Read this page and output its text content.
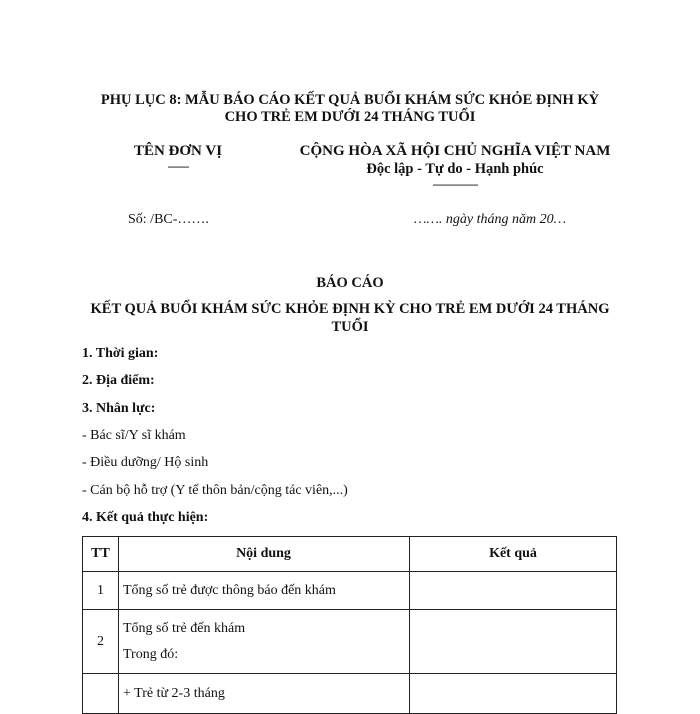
PHỤ LỤC 8: MẪU BÁO CÁO KẾT QUẢ BUỔI KHÁM SỨC KHỎE ĐỊNH KỲ
CHO TRẺ EM DƯỚI 24 THÁNG TUỔI
TÊN ĐƠN VỊ
-------
CỘNG HÒA XÃ HỘI CHỦ NGHĨA VIỆT NAM
Độc lập - Tự do - Hạnh phúc
---------------
Số: /BC-…….	……. ngày tháng năm 20…
BÁO CÁO
KẾT QUẢ BUỔI KHÁM SỨC KHỎE ĐỊNH KỲ CHO TRẺ EM DƯỚI 24 THÁNG
TUỔI
1. Thời gian:
2. Địa điểm:
3. Nhân lực:
- Bác sĩ/Y sĩ khám
- Điều dưỡng/ Hộ sinh
- Cán bộ hỗ trợ (Y tế thôn bản/cộng tác viên,...)
4. Kết quả thực hiện:
TT	Nội dung	Kết quả
1	Tổng số trẻ được thông báo đến khám	
2	Tổng số trẻ đến khám
Trong đó:	

	+ Trẻ từ 2-3 tháng	
